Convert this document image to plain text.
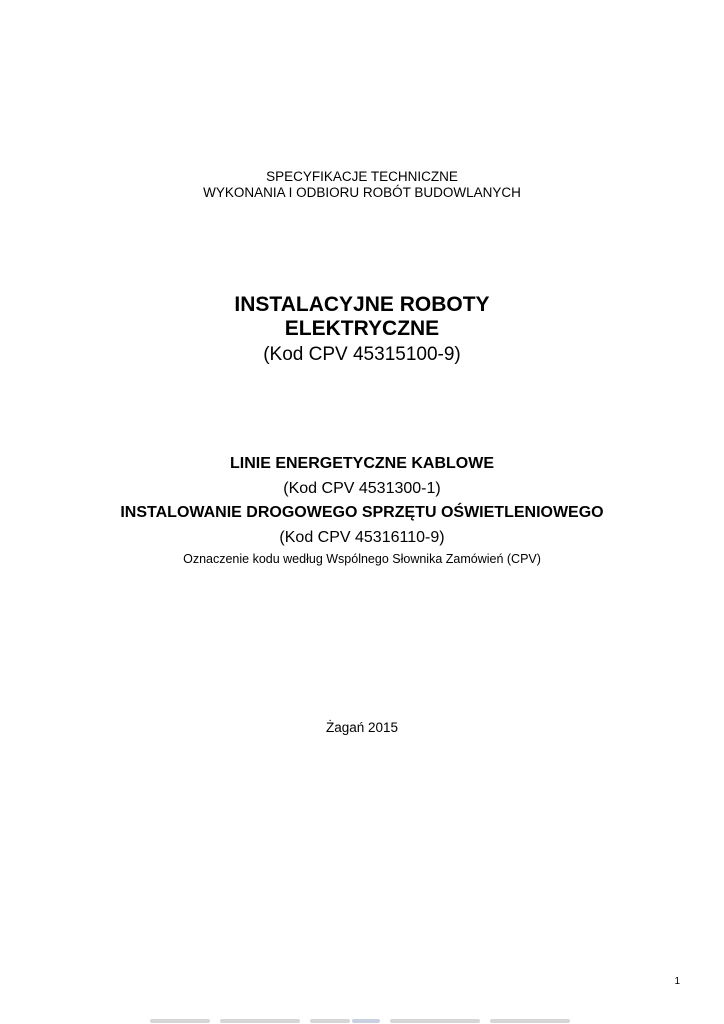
SPECYFIKACJE TECHNICZNE
WYKONANIA I ODBIORU ROBÓT BUDOWLANYCH
INSTALACYJNE ROBOTY
ELEKTRYCZNE
(Kod CPV 45315100-9)
LINIE ENERGETYCZNE KABLOWE
(Kod CPV 4531300-1)
INSTALOWANIE DROGOWEGO SPRZĘTU OŚWIETLENIOWEGO
(Kod CPV 45316110-9)
Oznaczenie kodu według Wspólnego Słownika Zamówień (CPV)
Żagań 2015
1
